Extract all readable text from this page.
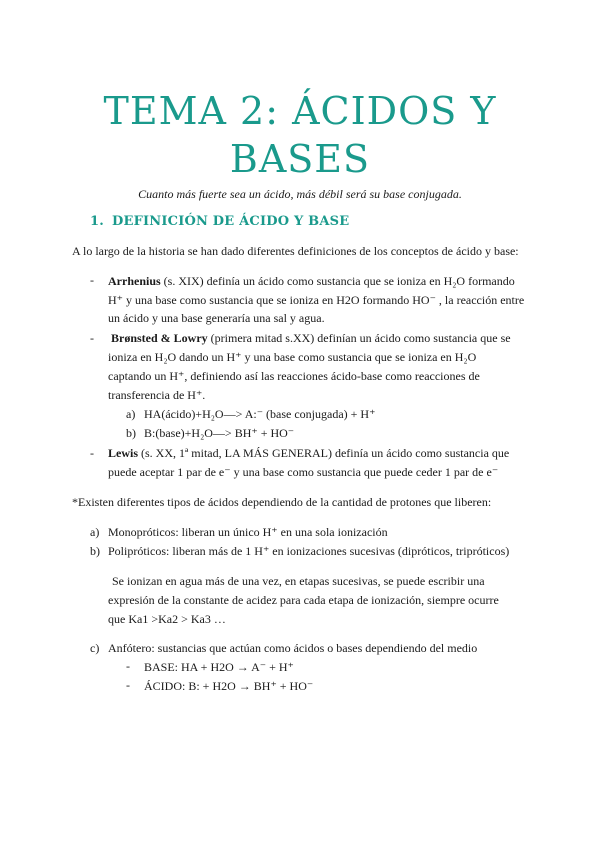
TEMA 2: ÁCIDOS Y
BASES
Cuanto más fuerte sea un ácido, más débil será su base conjugada.
1. DEFINICIÓN DE ÁCIDO Y BASE
A lo largo de la historia se han dado diferentes definiciones de los conceptos de ácido y base:
- Arrhenius (s. XIX) definía un ácido como sustancia que se ioniza en H₂O formando
H⁺ y una base como sustancia que se ioniza en H2O formando HO⁻ , la reacción entre
un ácido y una base generaría una sal y agua.
- Brønsted & Lowry (primera mitad s.XX) definían un ácido como sustancia que se
ioniza en H₂O dando un H⁺ y una base como sustancia que se ioniza en H₂O
captando un H⁺, definiendo así las reacciones ácido-base como reacciones de
transferencia de H⁺.
a) HA(ácido)+H₂O—> A:⁻ (base conjugada) + H⁺
b) B:(base)+H₂O—> BH⁺ + HO⁻
- Lewis (s. XX, 1ª mitad, LA MÁS GENERAL) definía un ácido como sustancia que
puede aceptar 1 par de e⁻ y una base como sustancia que puede ceder 1 par de e⁻
*Existen diferentes tipos de ácidos dependiendo de la cantidad de protones que liberen:
a) Monopróticos: liberan un único H⁺ en una sola ionización
b) Polipróticos: liberan más de 1 H⁺ en ionizaciones sucesivas (dipróticos, tripróticos)
Se ionizan en agua más de una vez, en etapas sucesivas, se puede escribir una
expresión de la constante de acidez para cada etapa de ionización, siempre ocurre
que Ka1 >Ka2 > Ka3 …
c) Anfótero: sustancias que actúan como ácidos o bases dependiendo del medio
- BASE: HA + H2O → A⁻ + H⁺
- ÁCIDO: B: + H2O → BH⁺ + HO⁻
